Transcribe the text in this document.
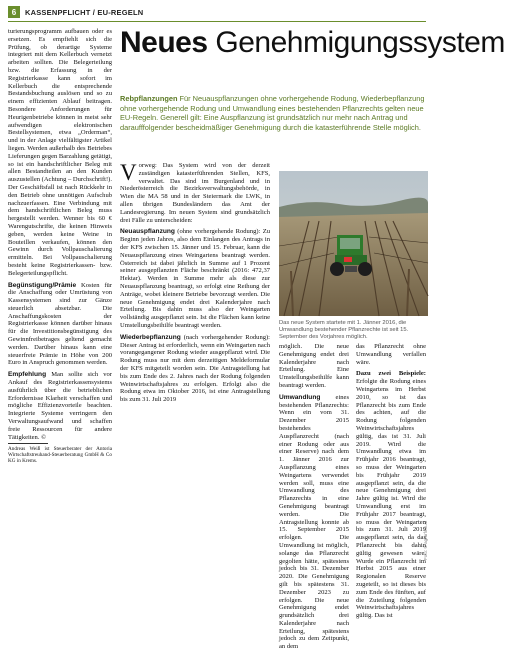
6	KASSENPFLICHT / EU-REGELN

turierungsprogramm aufbauen oder es ersetzen. Es empfiehlt sich die Prüfung, ob derartige Systeme integriert mit dem Kellerbuch vernetzt arbeiten sollten. Die Belegerteilung bzw. die Erfassung in der Registrierkasse kann sofort im Kellerbuch die entsprechende Bestandsbuchung auslösen und so zu einem effizienten Ablauf beitragen. Besondere Anforderungen für Heurigenbetriebe können in meist sehr aufwendigen elektronischen Bestellsystemen, etwa „Orderman“, und in der Anlage vielfältigster Artikel liegen. Werden außerhalb des Betriebes Lieferungen gegen Barzahlung getätigt, so ist ein handschriftlicher Beleg mit allen Bestandteilen an den Kunden auszustellen (Achtung – Durchschrift!). Der Geschäftsfall ist nach Rückkehr in den Betrieb ohne unnötigen Aufschub nachzuerfassen. Eine Verbindung mit dem handschriftlichen Beleg muss hergestellt werden. Wenner bis 60 € Warengutschrifte, die keinen Hinweis geben, werden keine Weine in Bouteillen verkaufen, können den Gewinn durch Vollpauschalierung ermitteln. Bei Vollpauschalierung besteht keine Registrierkassen- bzw. Belegerteilungspflicht.

Begünstigung/Prämie Kosten für die Anschaffung oder Umrüstung von Kassensystemen sind zur Gänze steuerlich absetzbar. Die Anschaffungskosten der Registrierkasse können darüber hinaus für die Investitionsbegünstigung des Gewinnfreibetrages geltend gemacht werden. Darüber hinaus kann eine steuerfreie Prämie in Höhe von 200 Euro in Anspruch genommen werden.

Empfehlung Man sollte sich vor Ankauf des Registrierkassensystems ausführlich über die betrieblichen Erfordernisse Klarheit verschaffen und mögliche Effizienzvorteile beachten. Integrierte Systeme verringern den Verwaltungsaufwand und schaffen freie Ressourcen für andere Tätigkeiten. ©

Andreas Weiß ist Steuerberater der Antoria Wirtschaftstreuhand-Steuerberatung GmbH & Co KG in Krems.

Neues Genehmigungssystem
Rebpflanzungen Für Neuauspflanzungen ohne vorhergehende Rodung, Wiederbepflanzung ohne vorhergehende Rodung und Umwandlung eines bestehenden Pflanzrechts gelten neue EU-Regeln. Generell gilt: Eine Auspflanzung ist grundsätzlich nur mehr nach Antrag und daraufffolgender bescheidmäßiger Genehmigung durch die katasterführende Stelle möglich.

Vorweg: Das System wird von der derzeit zuständigen katasterführenden Stellen, KFS, verwaltet. Das sind im Burgenland und in Niederösterreich die Bezirksverwaltungsbehörde, in Wien die MA 58 und in der Steiermark die LWK, in allen übrigen Bundesländern das Amt der Landesregierung. Im neuen System sind grundsätzlich drei Fälle zu unterscheiden:

Neuauspflanzung (ohne vorhergehende Rodung): Zu Beginn jeden Jahres, also dem Einlangen des Antrags in der KFS zwischen 15. Jänner und 15. Februar, kann die Neuauspflanzung eines Weingartens beantragt werden. Österreich ist dabei jährlich in Summe auf 1 Prozent seiner ausgepflanzten Fläche beschränkt (2016: 472,37 Hektar). Werden in Summe mehr als diese zur Neuauspflanzung beantragt, so erfolgt eine Reihung der Anträge, wobei kleinere Betriebe bevorzugt werden. Die neue Genehmigung endet drei Kalenderjahre nach Erteilung. Bis dahin muss also der Weingarten vollständig ausgepflanzt sein. Ist die Flächen kann keine Umstellungsbeihilfe beantragt werden.

Wiederbepflanzung (nach vorhergehender Rodung): Dieser Antrag ist erforderlich, wenn ein Weingarten nach vorangegangener Rodung wieder ausgepflanzt wird. Die Rodung muss nur mit dem derzeitigen Meldeformular der KFS mitgeteilt worden sein. Die Antragstellung hat bis zum Ende des 2. Jahres nach der Rodung folgenden Weinwirtschaftsjahres zu erfolgen. Erfolgt also die Rodung etwa im Oktober 2016, ist eine Antragstellung bis zum 31. Juli 2019

Das neue System startete mit 1. Jänner 2016, die Umwandlung bestehender Pflanzrechte ist seit 15. September des Vorjahres möglich.
Foto: © agrarfoto.at

möglich. Die neue Genehmigung endet drei Kalenderjahre nach Erteilung. Eine Umstellungsbeihilfe kann beantragt werden.

Umwandlung eines bestehenden Pflanzrechts: Wenn ein vom 31. Dezember 2015 bestehendes Auspflanzrecht (nach einer Rodung oder aus einer Reserve) nach dem 1. Jänner 2016 zur Auspflanzung eines Weingartens verwendet werden soll, muss eine Umwandlung des Pflanzrechts in eine Genehmigung beantragt werden. Die Antragstellung konnte ab 15. September 2015 erfolgen. Die Umwandlung ist möglich, solange das Pflanzrecht gegolten hätte, spätestens jedoch bis 31. Dezember 2020. Die Genehmigung gilt bis spätestens 31. Dezember 2023 zu erfolgen. Die neue Genehmigung endet grundsätzlich drei Kalenderjahre nach Erteilung, spätestens jedoch zu dem Zeitpunkt, an dem

das Pflanzrecht ohne Umwandlung verfallen wäre.

Dazu zwei Beispiele: Erfolgte die Rodung eines Weingartens im Herbst 2010, so ist das Pflanzrecht bis zum Ende des achten, auf die Rodung folgenden Weinwirtschaftsjahres gültig, das ist 31. Juli 2019. Wird die Umwandlung etwa im Frühjahr 2016 beantragt, so muss der Weingarten bis Frühjahr 2019 ausgepflanzt sein, da die neue Genehmigung drei Jahre gültig ist. Wird die Umwandlung erst im Frühjahr 2017 beantragt, so muss der Weingarten bis zum 31. Juli 2019 ausgepflanzt sein, da das Pflanzrecht bis dahin gültig gewesen wäre. Wurde ein Pflanzrecht im Herbst 2015 aus einer Regionalen Reserve zugeteilt, so ist dieses bis zum Ende des fünften, auf die Zuteilung folgenden Weinwirtschaftsjahres gültig. Das ist
